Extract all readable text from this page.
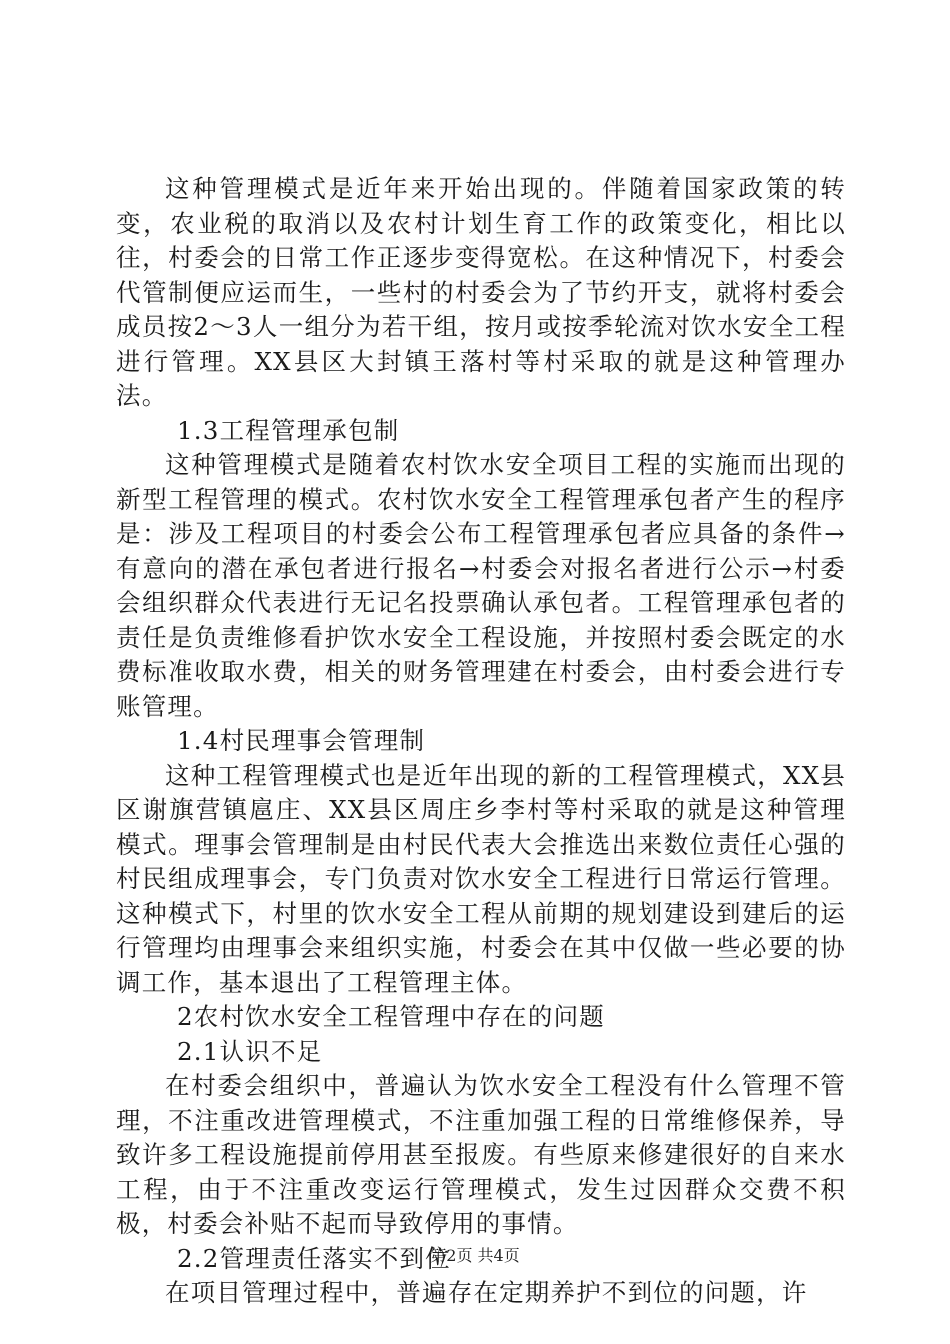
这种管理模式是近年来开始出现的。伴随着国家政策的转变，农业税的取消以及农村计划生育工作的政策变化，相比以往，村委会的日常工作正逐步变得宽松。在这种情况下，村委会代管制便应运而生，一些村的村委会为了节约开支，就将村委会成员按2～3人一组分为若干组，按月或按季轮流对饮水安全工程进行管理。XX县区大封镇王落村等村采取的就是这种管理办法。

1.3工程管理承包制

这种管理模式是随着农村饮水安全项目工程的实施而出现的新型工程管理的模式。农村饮水安全工程管理承包者产生的程序是：涉及工程项目的村委会公布工程管理承包者应具备的条件→有意向的潜在承包者进行报名→村委会对报名者进行公示→村委会组织群众代表进行无记名投票确认承包者。工程管理承包者的责任是负责维修看护饮水安全工程设施，并按照村委会既定的水费标准收取水费，相关的财务管理建在村委会，由村委会进行专账管理。

1.4村民理事会管理制

这种工程管理模式也是近年出现的新的工程管理模式，XX县区谢旗营镇扈庄、XX县区周庄乡李村等村采取的就是这种管理模式。理事会管理制是由村民代表大会推选出来数位责任心强的村民组成理事会，专门负责对饮水安全工程进行日常运行管理。这种模式下，村里的饮水安全工程从前期的规划建设到建后的运行管理均由理事会来组织实施，村委会在其中仅做一些必要的协调工作，基本退出了工程管理主体。

2农村饮水安全工程管理中存在的问题

2.1认识不足

在村委会组织中，普遍认为饮水安全工程没有什么管理不管理，不注重改进管理模式，不注重加强工程的日常维修保养，导致许多工程设施提前停用甚至报废。有些原来修建很好的自来水工程，由于不注重改变运行管理模式，发生过因群众交费不积极，村委会补贴不起而导致停用的事情。

2.2管理责任落实不到位

在项目管理过程中，普遍存在定期养护不到位的问题，许

第2页 共4页
